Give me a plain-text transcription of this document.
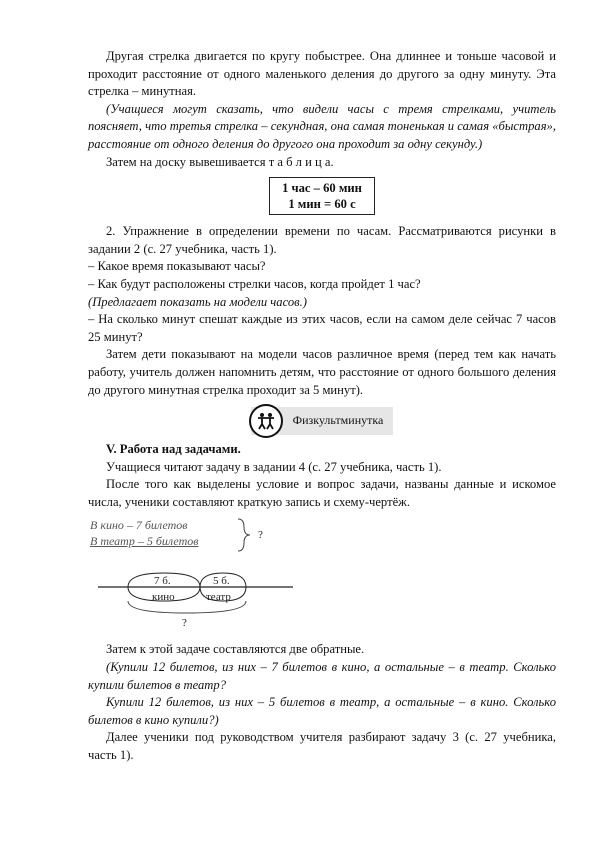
Другая стрелка двигается по кругу побыстрее. Она длиннее и тоньше часовой и проходит расстояние от одного маленького деления до другого за одну минуту. Эта стрелка – минутная.

(Учащиеся могут сказать, что видели часы с тремя стрелками, учитель поясняет, что третья стрелка – секундная, она самая тоненькая и самая «быстрая», расстояние от одного деления до другого она проходит за одну секунду.)

Затем на доску вывешивается т а б л и ц а.

1 час – 60 мин
1 мин = 60 с

2. Упражнение в определении времени по часам. Рассматриваются рисунки в задании 2 (с. 27 учебника, часть 1).

– Какое время показывают часы?

– Как будут расположены стрелки часов, когда пройдет 1 час?

(Предлагает показать на модели часов.)

– На сколько минут спешат каждые из этих часов, если на самом деле сейчас 7 часов 25 минут?

Затем дети показывают на модели часов различное время (перед тем как начать работу, учитель должен напомнить детям, что расстояние от одного большого деления до другого минутная стрелка проходит за 5 минут).

Физкультминутка

V. Работа над задачами.

Учащиеся читают задачу в задании 4 (с. 27 учебника, часть 1).

После того как выделены условие и вопрос задачи, названы данные и искомое числа, ученики составляют краткую запись и схему-чертёж.

В кино – 7 билетов
В театр – 5 билетов	?
7 б.	5 б.
кино	театр
?

Затем к этой задаче составляются две обратные.

(Купили 12 билетов, из них – 7 билетов в кино, а остальные – в театр. Сколько купили билетов в театр?

Купили 12 билетов, из них – 5 билетов в театр, а остальные – в кино. Сколько билетов в кино купили?)

Далее ученики под руководством учителя разбирают задачу 3 (с. 27 учебника, часть 1).
